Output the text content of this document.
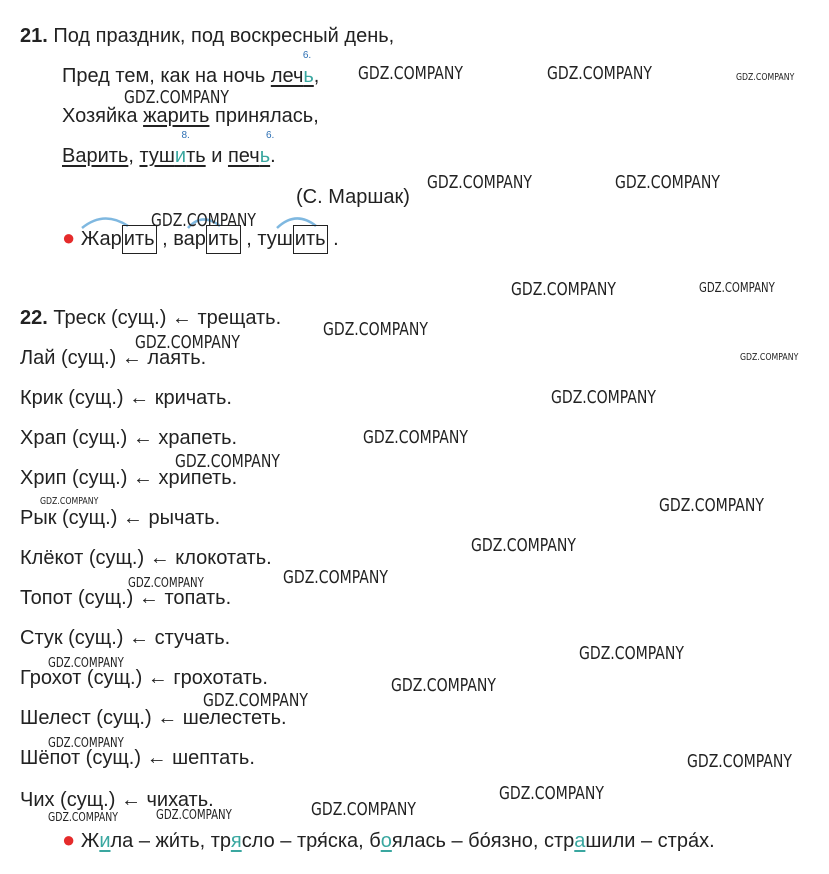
21. Под праздник, под воскресный день,
Пред тем, как на ночь лечь
6.
,
Хозяйка жарить принялась,
Варить, тушить
8.
и печь
6.
.
(С. Маршак)
● Жар ить , вар ить , туш ить .
22. Треск (сущ.) ← трещать.
Лай (сущ.) ← лаять.
Крик (сущ.) ← кричать.
Храп (сущ.) ← храпеть.
Хрип (сущ.) ← хрипеть.
Рык (сущ.) ← рычать.
Клёкот (сущ.) ← клокотать.
Топот (сущ.) ← топать.
Стук (сущ.) ← стучать.
Грохот (сущ.) ← грохотать.
Шелест (сущ.) ← шелестеть.
Шёпот (сущ.) ← шептать.
Чих (сущ.) ← чихать.
● Жила – жи́ть, трясло – тря́ска, боялась – бо́язно, страшили – стра́х.
GDZ.COMPANY	GDZ.COMPANY	GDZ.COMPANY
GDZ.COMPANY
GDZ.COMPANY	GDZ.COMPANY
GDZ.COMPANY
GDZ.COMPANY	GDZ.COMPANY
GDZ.COMPANY
GDZ.COMPANY
GDZ.COMPANY
GDZ.COMPANY
GDZ.COMPANY
GDZ.COMPANY
GDZ.COMPANY	GDZ.COMPANY
GDZ.COMPANY
GDZ.COMPANY
GDZ.COMPANY
GDZ.COMPANY
GDZ.COMPANY
GDZ.COMPANY
GDZ.COMPANY
GDZ.COMPANY
GDZ.COMPANY
GDZ.COMPANY
GDZ.COMPANY
GDZ.COMPANY	GDZ.COMPANY
